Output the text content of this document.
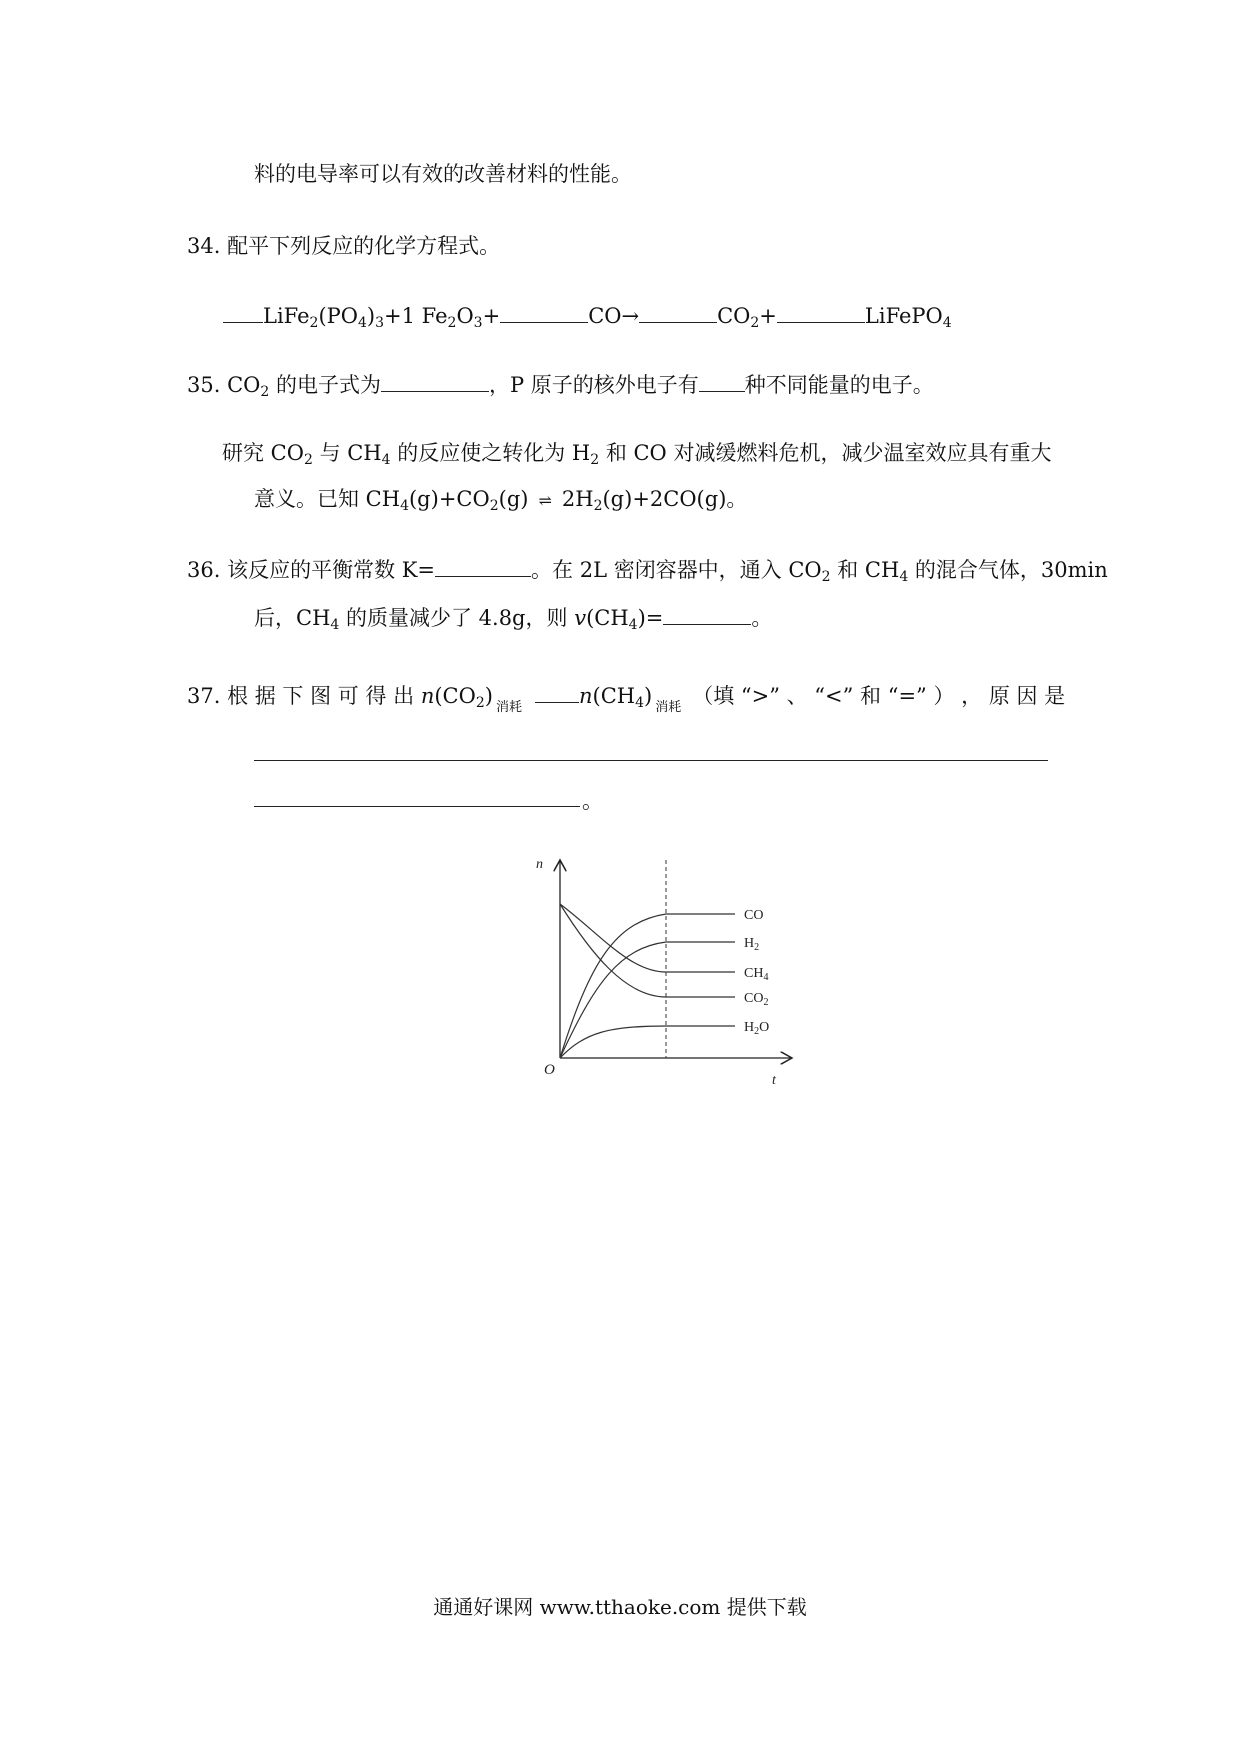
料的电导率可以有效的改善材料的性能。
34. 配平下列反应的化学方程式。
$LiFe_2(PO_4)_3+1$ $Fe_2O_3+$	CO→	$CO_2+$	LiFePO$_4$
35. $CO_2$ 的电子式为	，P 原子的核外电子有 种不同能量的电子。
研究 $CO_2$ 与 $CH_4$ 的反应使之转化为 $H_2$ 和 CO 对减缓燃料危机，减少温室效应具有重大
意义。已知 $CH_4(g)+CO_2(g)$ ⇌ $2H_2(g)+2CO(g)$。
36. 该反应的平衡常数 K=	。在 2L 密闭容器中，通入 $CO_2$ 和 $CH_4$ 的混合气体，30min
后，$CH_4$ 的质量减少了 4.8g，则 $v(CH_4)=$	。
37. 根 据 下 图 可 得 出 $n(CO_2)$ $_{消耗}$	$n(CH_4)$ $_{消耗}$ （填 “>” 、 “<” 和 “=” ） ， 原 因 是
。
n
t
O
CO
$H_2$
$CH_4$
$CO_2$
$H_2O$
通通好课网 www.tthaoke.com 提供下载
